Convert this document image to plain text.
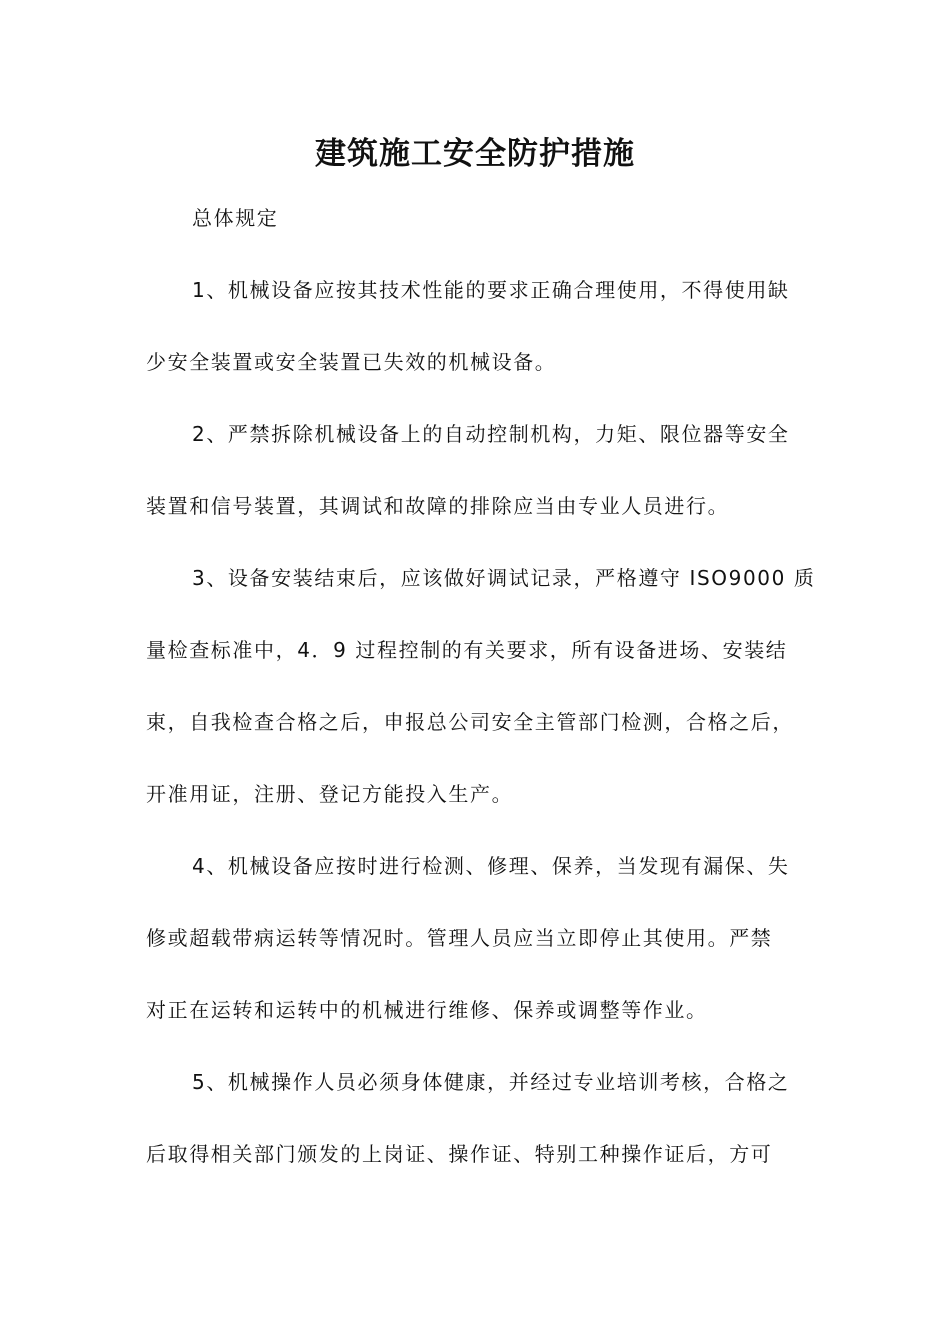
建筑施工安全防护措施
总体规定
1、机械设备应按其技术性能的要求正确合理使用，不得使用缺
少安全装置或安全装置已失效的机械设备。
2、严禁拆除机械设备上的自动控制机构，力矩、限位器等安全
装置和信号装置，其调试和故障的排除应当由专业人员进行。
3、设备安装结束后，应该做好调试记录，严格遵守 ISO9000 质
量检查标准中，4．9 过程控制的有关要求，所有设备进场、安装结
束，自我检查合格之后，申报总公司安全主管部门检测，合格之后，
开准用证，注册、登记方能投入生产。
4、机械设备应按时进行检测、修理、保养，当发现有漏保、失
修或超载带病运转等情况时。管理人员应当立即停止其使用。严禁
对正在运转和运转中的机械进行维修、保养或调整等作业。
5、机械操作人员必须身体健康，并经过专业培训考核，合格之
后取得相关部门颁发的上岗证、操作证、特别工种操作证后，方可
